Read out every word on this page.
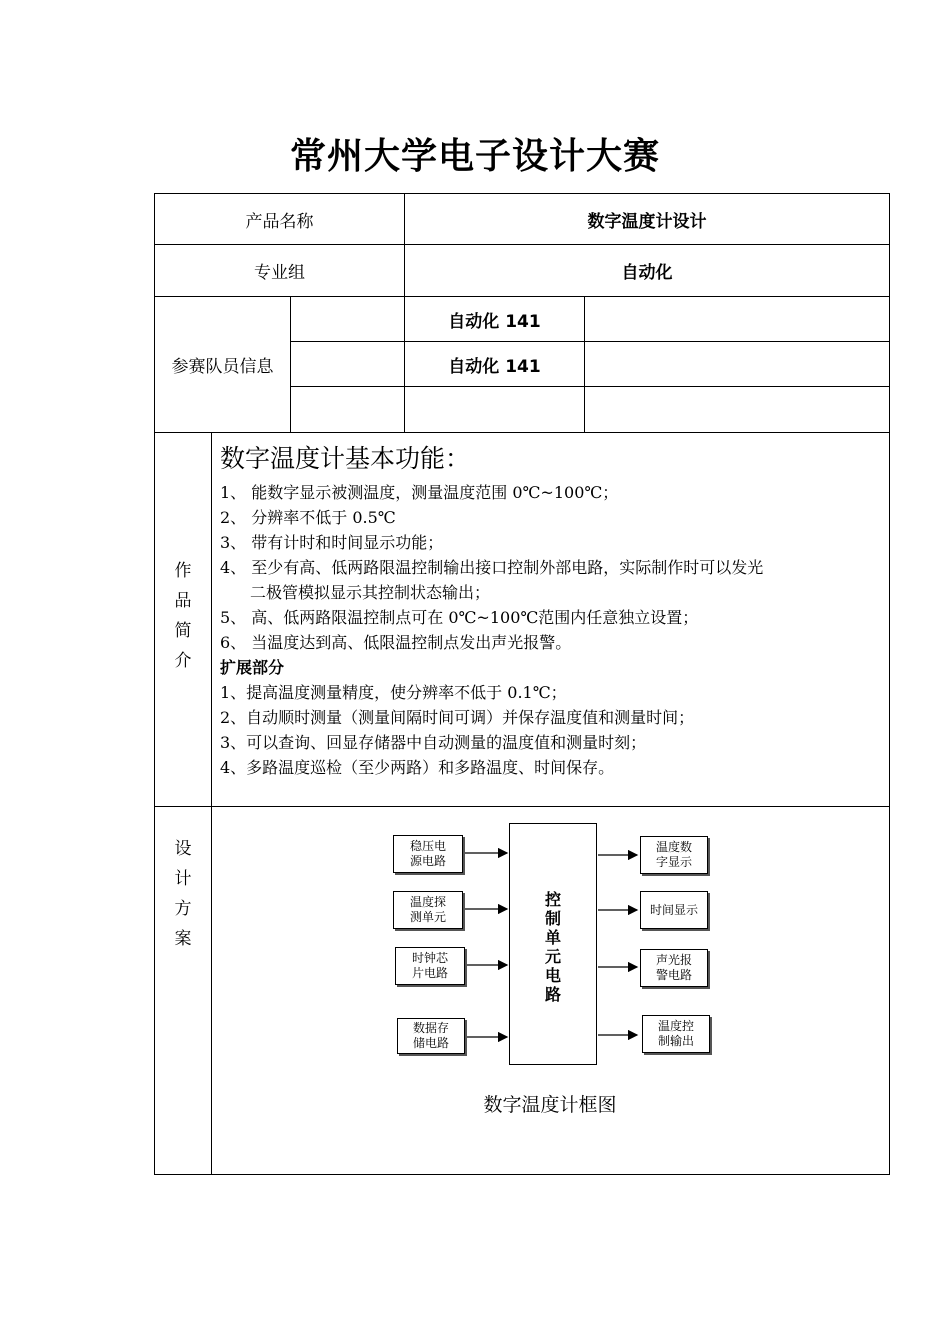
常州大学电子设计大赛
产品名称	数字温度计设计
专业组	自动化
参赛队员信息
自动化 141
自动化 141
作
品
简
介
设
计
方
案
数字温度计基本功能：
1、 能数字显示被测温度，测量温度范围 0℃~100℃；
2、 分辨率不低于 0.5℃
3、 带有计时和时间显示功能；
4、 至少有高、低两路限温控制输出接口控制外部电路，实际制作时可以发光
二极管模拟显示其控制状态输出；
5、 高、低两路限温控制点可在 0℃~100℃范围内任意独立设置；
6、 当温度达到高、低限温控制点发出声光报警。
扩展部分
1、提高温度测量精度，使分辨率不低于 0.1℃；
2、自动顺时测量（测量间隔时间可调）并保存温度值和测量时间；
3、可以查询、回显存储器中自动测量的温度值和测量时刻；
4、多路温度巡检（至少两路）和多路温度、时间保存。
稳压电
源电路
温度探
测单元
时钟芯
片电路
数据存
储电路
控
制
单
元
电
路
温度数
字显示
时间显示
声光报
警电路
温度控
制输出
数字温度计框图
